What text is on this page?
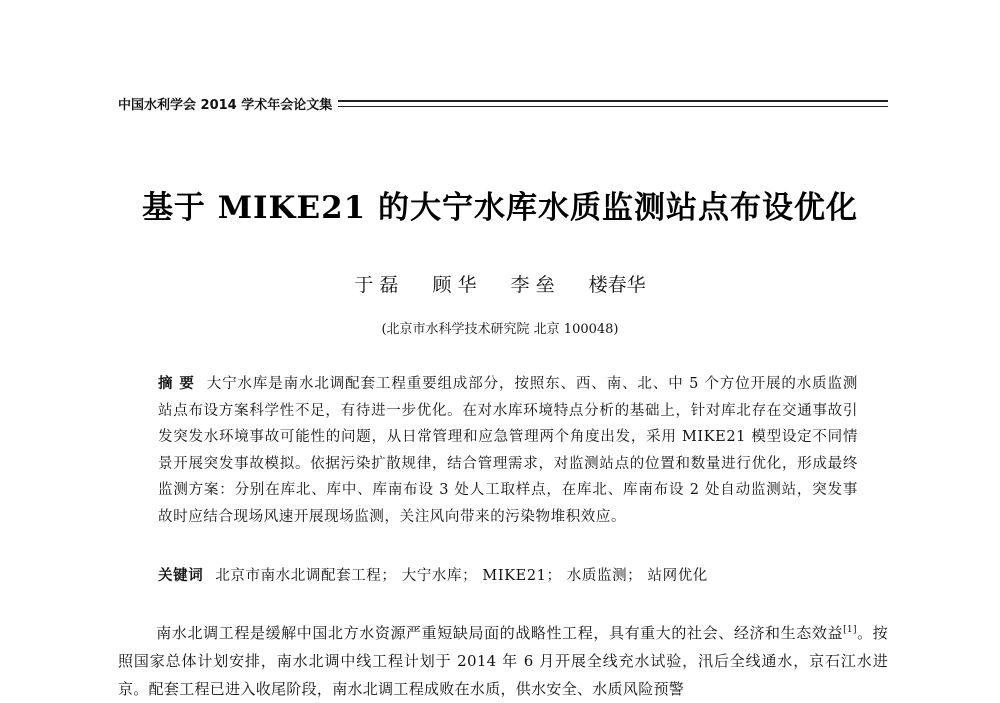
中国水利学会 2014 学术年会论文集
基于 MIKE21 的大宁水库水质监测站点布设优化
于 磊 顾 华 李 垒 楼春华
(北京市水科学技术研究院 北京 100048)
摘 要 大宁水库是南水北调配套工程重要组成部分，按照东、西、南、北、中 5 个方位开展的水质监测站点布设方案科学性不足，有待进一步优化。在对水库环境特点分析的基础上，针对库北存在交通事故引发突发水环境事故可能性的问题，从日常管理和应急管理两个角度出发，采用 MIKE21 模型设定不同情景开展突发事故模拟。依据污染扩散规律，结合管理需求，对监测站点的位置和数量进行优化，形成最终监测方案：分别在库北、库中、库南布设 3 处人工取样点，在库北、库南布设 2 处自动监测站，突发事故时应结合现场风速开展现场监测，关注风向带来的污染物堆积效应。
关键词 北京市南水北调配套工程； 大宁水库； MIKE21； 水质监测； 站网优化
南水北调工程是缓解中国北方水资源严重短缺局面的战略性工程，具有重大的社会、经济和生态效益[1]。按照国家总体计划安排，南水北调中线工程计划于 2014 年 6 月开展全线充水试验，汛后全线通水，京石江水进京。配套工程已进入收尾阶段，南水北调工程成败在水质，供水安全、水质风险预警
